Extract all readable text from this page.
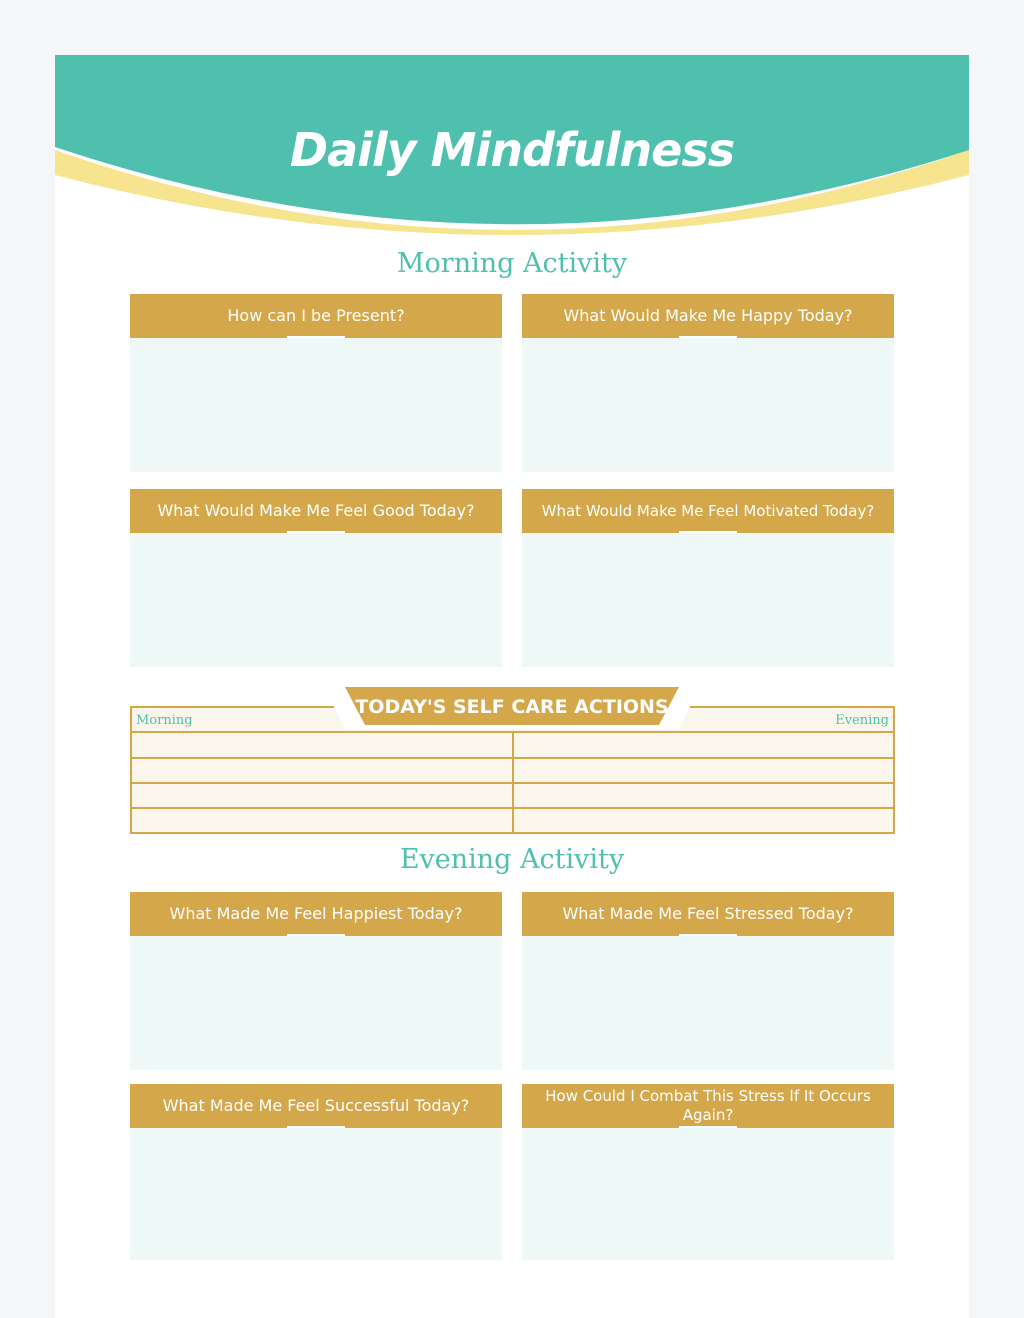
Daily Mindfulness
Morning Activity
How can I be Present?	What Would Make Me Happy Today?
What Would Make Me Feel Good Today?	What Would Make Me Feel Motivated Today?
Morning	Evening
TODAY'S SELF CARE ACTIONS
Evening Activity
What Made Me Feel Happiest Today?	What Made Me Feel Stressed Today?
What Made Me Feel Successful Today?	How Could I Combat This Stress If It Occurs Again?
